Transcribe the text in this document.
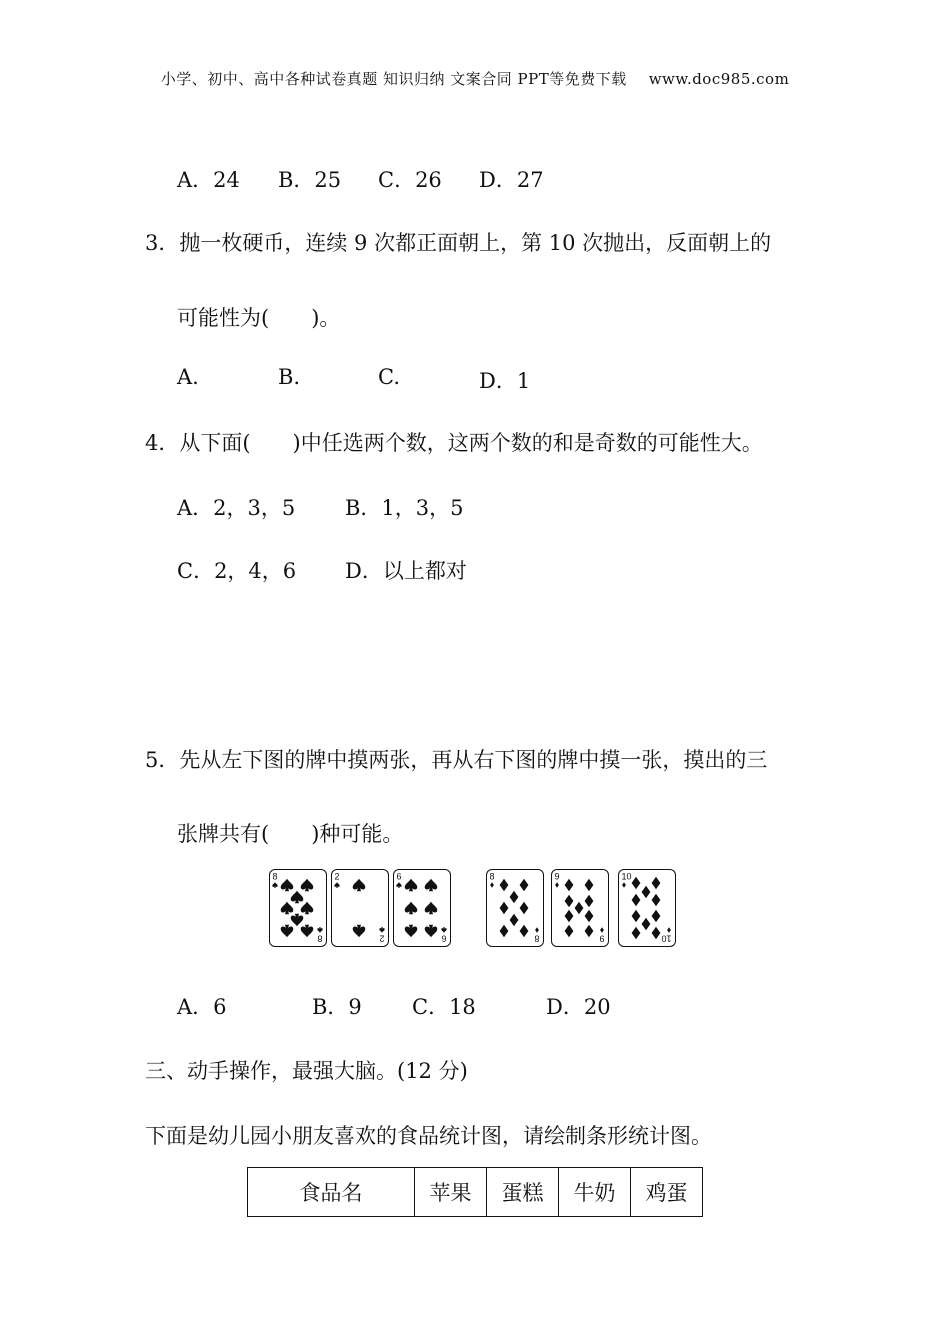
小学、初中、高中各种试卷真题 知识归纳 文案合同 PPT等免费下载 www.doc985.com
A．24 B．25 C．26 D．27
3．抛一枚硬币，连续 9 次都正面朝上，第 10 次抛出，反面朝上的
可能性为(　　)。
A.	B.	C.	D．1
4．从下面(　　)中任选两个数，这两个数的和是奇数的可能性大。
A．2，3，5 B．1，3，5
C．2，4，6 D．以上都对
5．先从左下图的牌中摸两张，再从右下图的牌中摸一张，摸出的三
张牌共有(　　)种可能。
8
8
2
2
6
6
8
8
9
9
10
10
A．6	B．9 C．18	D．20
三、动手操作，最强大脑。(12 分)
下面是幼儿园小朋友喜欢的食品统计图，请绘制条形统计图。
食品名	苹果	蛋糕	牛奶	鸡蛋
